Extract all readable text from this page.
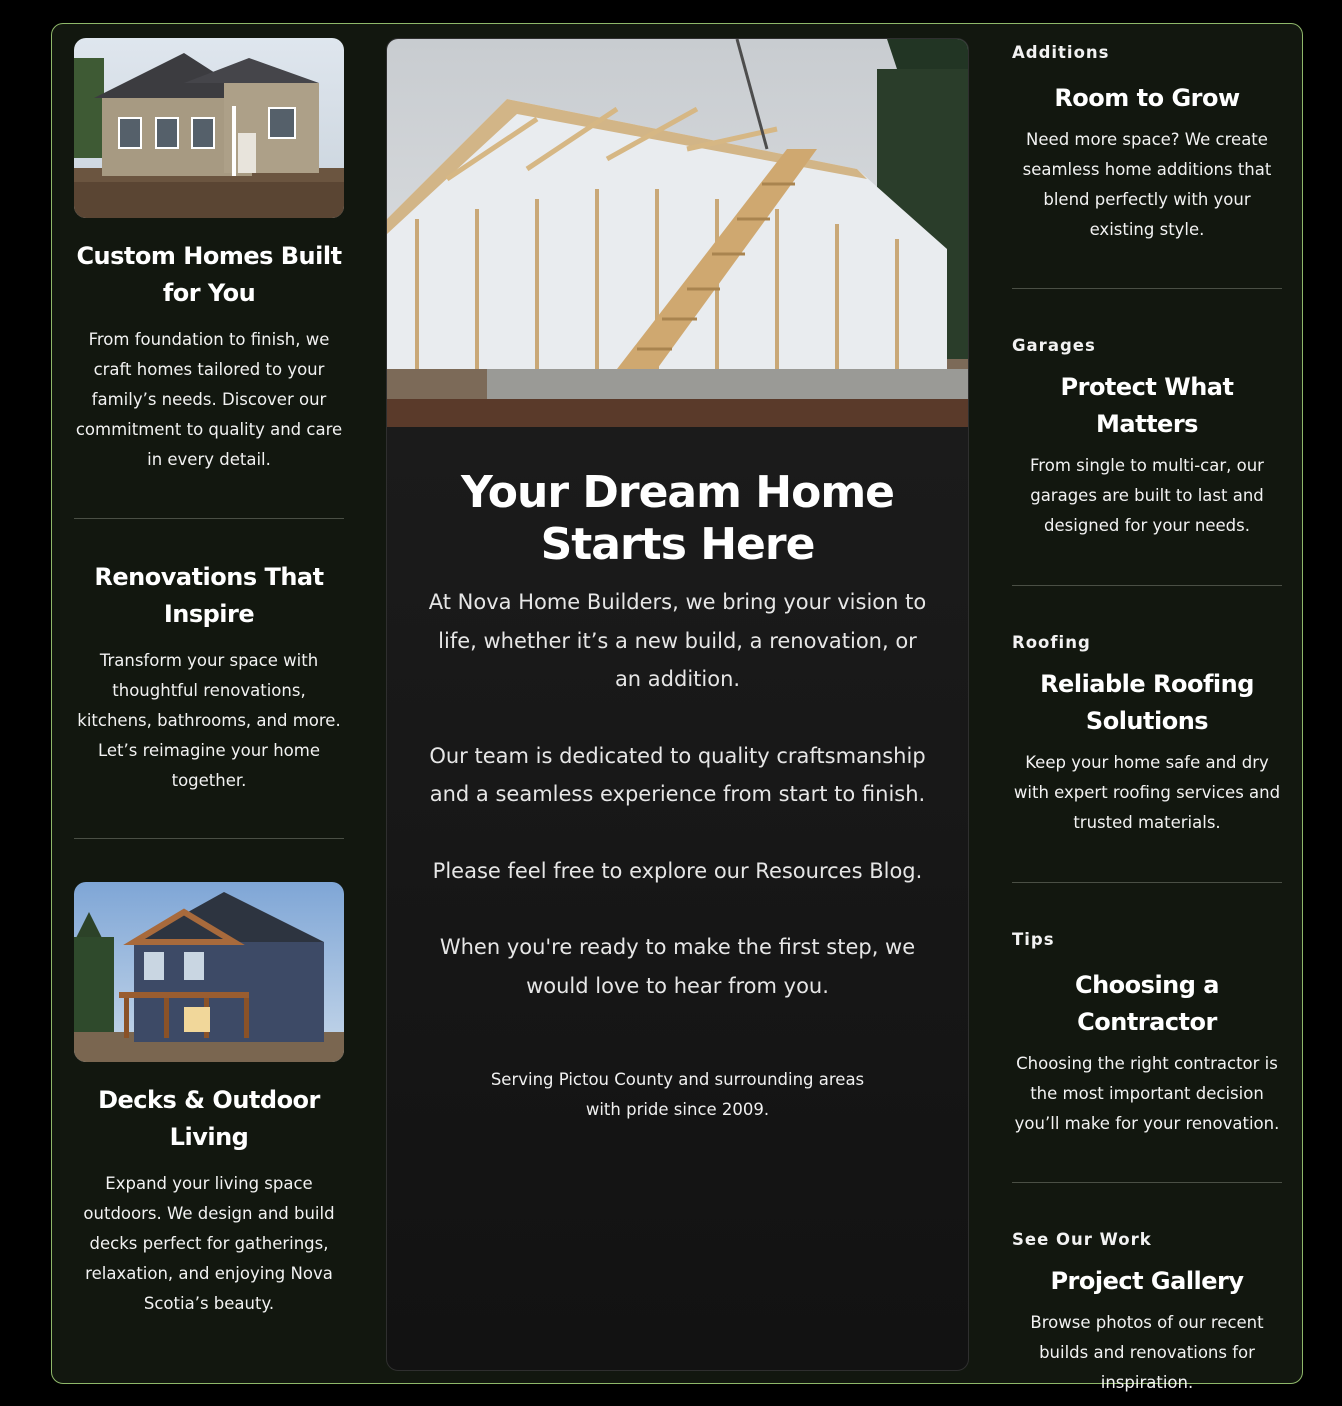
Custom Homes Built for You

From foundation to finish, we craft homes tailored to your family’s needs. Discover our commitment to quality and care in every detail.

Renovations That Inspire

Transform your space with thoughtful renovations, kitchens, bathrooms, and more. Let’s reimagine your home together.

Decks & Outdoor Living

Expand your living space outdoors. We design and build decks perfect for gatherings, relaxation, and enjoying Nova Scotia’s beauty.

Your Dream Home Starts Here

At Nova Home Builders, we bring your vision to life, whether it’s a new build, a renovation, or an addition.

Our team is dedicated to quality craftsmanship and a seamless experience from start to finish.

Please feel free to explore our Resources Blog.

When you're ready to make the first step, we would love to hear from you.

Serving Pictou County and surrounding areas with pride since 2009.

Additions

Room to Grow

Need more space? We create seamless home additions that blend perfectly with your existing style.

Garages

Protect What Matters

From single to multi-car, our garages are built to last and designed for your needs.

Roofing

Reliable Roofing Solutions

Keep your home safe and dry with expert roofing services and trusted materials.

Tips

Choosing a Contractor

Choosing the right contractor is the most important decision you’ll make for your renovation.

See Our Work

Project Gallery

Browse photos of our recent builds and renovations for inspiration.
